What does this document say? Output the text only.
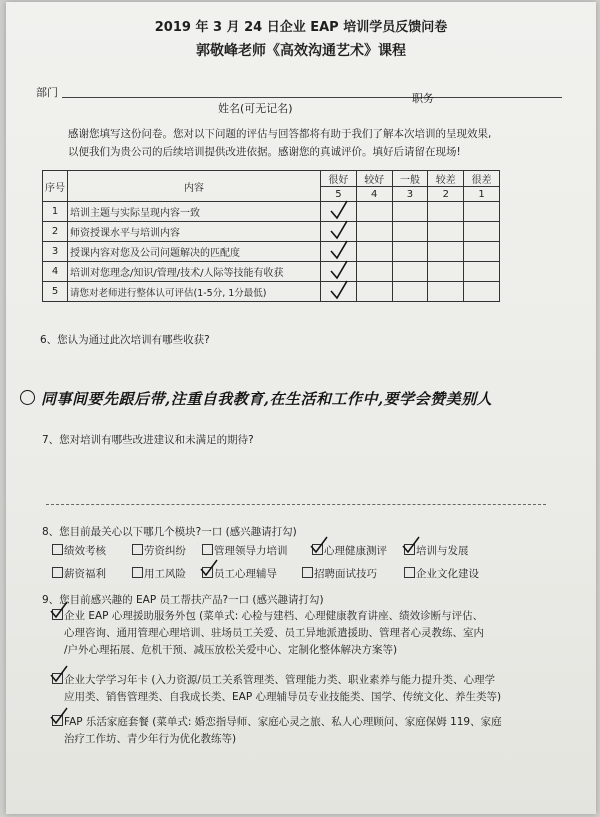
2019 年 3 月 24 日企业 EAP 培训学员反馈问卷
郭敬峰老师《高效沟通艺术》课程
部门
姓名(可无记名)
职务
感谢您填写这份问卷。您对以下问题的评估与回答都将有助于我们了解本次培训的呈现效果,
以便我们为贵公司的后续培训提供改进依据。感谢您的真诚评价。填好后请留在现场!
序号	内容	很好	较好	一般	较差	很差
		5	4	3	2	1
1	培训主题与实际呈现内容一致	

2	师资授课水平与培训内容	

3	授课内容对您及公司问题解决的匹配度	

4	培训对您理念/知识/管理/技术/人际等技能有收获	

5	请您对老师进行整体认可评估(1-5分, 1分最低)	

6、您认为通过此次培训有哪些收获?
同事间要先跟后带,注重自我教育,在生活和工作中,要学会赞美别人
7、您对培训有哪些改进建议和未满足的期待?
8、您目前最关心以下哪几个模块?一口 (感兴趣请打勾)
绩效考核	劳资纠纷	管理领导力培训	心理健康测评	培训与发展
薪资福利	用工风险	员工心理辅导	招聘面试技巧	企业文化建设
9、您目前感兴趣的 EAP 员工帮扶产品?一口 (感兴趣请打勾)
企业 EAP 心理援助服务外包 (菜单式: 心检与建档、心理健康教育讲座、绩效诊断与评估、
心理咨询、通用管理心理培训、驻场员工关爱、员工异地派遣援助、管理者心灵教练、室内
/户外心理拓展、危机干预、减压放松关爱中心、定制化整体解决方案等)
企业大学学习年卡 (入力资源/员工关系管理类、管理能力类、职业素养与能力提升类、心理学
应用类、销售管理类、自我成长类、EAP 心理辅导员专业技能类、国学、传统文化、养生类等)
FAP 乐活家庭套餐 (菜单式: 婚恋指导师、家庭心灵之旅、私人心理顾问、家庭保姆 119、家庭
治疗工作坊、青少年行为优化教练等)
